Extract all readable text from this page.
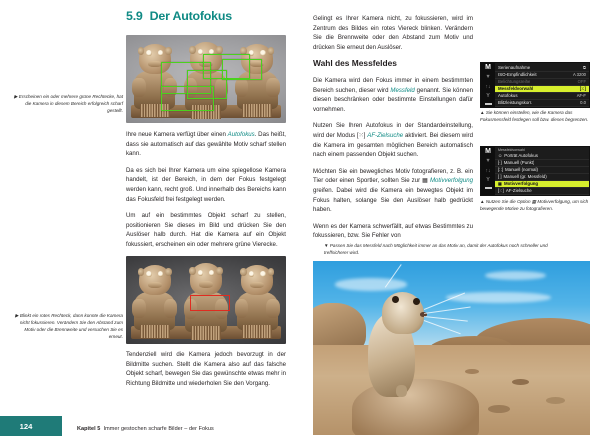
5.9 Der Autofokus
▶ Erscheinen ein oder mehrere grüne Rechtecke, hat die Kamera in diesem Bereich erfolgreich scharf gestellt.

Ihre neue Kamera verfügt über einen Autofokus. Das heißt, dass sie automatisch auf das gewählte Motiv scharf stellen kann.

Da es sich bei Ihrer Kamera um eine spiegellose Kamera handelt, ist der Bereich, in dem der Fokus festgelegt werden kann, recht groß. Und innerhalb des Bereichs kann das Fokusfeld frei festgelegt werden.

Um auf ein bestimmtes Objekt scharf zu stellen, positionieren Sie dieses im Bild und drücken Sie den Auslöser halb durch. Hat die Kamera auf ein Objekt fokussiert, erscheinen ein oder mehrere grüne Vierecke.

▶ Blinkt ein rotes Rechteck, dann konnte die Kamera nicht fokussieren. Verändern Sie den Abstand zum Motiv oder die Brennweite und versuchen Sie es erneut.

Tendenziell wird die Kamera jedoch bevorzugt in der Bildmitte suchen. Stellt die Kamera also auf das falsche Objekt scharf, bewegen Sie das gewünschte etwas mehr in Richtung Bildmitte und wiederholen Sie den Vorgang.

124	Kapitel 5 Immer gestochen scharfe Bilder – der Fokus

Gelingt es Ihrer Kamera nicht, zu fokussieren, wird im Zentrum des Bildes ein rotes Viereck blinken. Verändern Sie die Brennweite oder den Abstand zum Motiv und drücken Sie erneut den Auslöser.

Wahl des Messfeldes

Die Kamera wird den Fokus immer in einem bestimmten Bereich suchen, dieser wird Messfeld genannt. Sie können diesen beschränken oder bestimmte Einstellungen dafür vornehmen.

Nutzen Sie Ihren Autofokus in der Standardeinstellung, wird der Modus [⁙] AF-Zielsuche aktiviert. Bei diesem wird die Kamera im gesamten möglichen Bereich automatisch nach einem passenden Objekt suchen.

Möchten Sie ein bewegliches Motiv fotografieren, z. B. ein Tier oder einen Sportler, sollten Sie zur ▦ Motivverfolgung greifen. Dabei wird die Kamera ein bewegtes Objekt im Fokus halten, solange Sie den Auslöser halb gedrückt haben.

Wenn es der Kamera schwerfällt, auf etwas Bestimmtes zu fokussieren, bzw. Sie Fehler von

M
▼
↑↓
Y
Serienaufnahme	⧉
ISO-Empfindlichkeit	A 3200
Belichtungsreihe	OFF
Messfeldvorwahl	[⁙]
Autofokus	AF-F
Blitzleistungskorr.	0.0
▲ Sie können einstellen, wie die Kamera das Fokusmessfeld festlegen soll bzw. dieses begrenzen.
M
▼
↑↓
Y
Messfeldvorwahl
☺ Porträt Autofokus
[·] Manuell (Punkt)
[∷] Manuell (normal)
[ ] Manuell (gr. Messfeld)
▦ Motivverfolgung
[⁙] AF-Zielsuche
▲ Nutzen Sie die Option ▦ Motivverfolgung, um sich bewegende Motive zu fotografieren.
▼ Passen Sie das Messfeld nach Möglichkeit immer an das Motiv an, damit der Autofokus noch schneller und treffsicherer wird.
